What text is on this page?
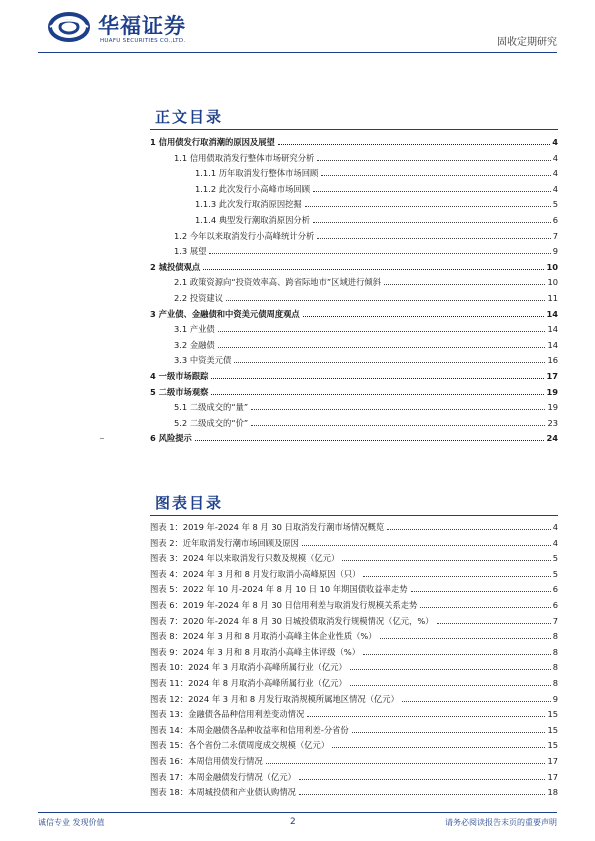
华福证券
HUAFU SECURITIES CO.,LTD.	固收定期研究
正文目录
1 信用债发行取消潮的原因及展望	4
1.1 信用债取消发行整体市场研究分析	4
1.1.1 历年取消发行整体市场回顾	4
1.1.2 此次发行小高峰市场回顾	4
1.1.3 此次发行取消原因挖掘	5
1.1.4 典型发行潮取消原因分析	6
1.2 今年以来取消发行小高峰统计分析	7
1.3 展望	9
2 城投债观点	10
2.1 政策资源向“投资效率高、跨省际地市”区域进行倾斜	10
2.2 投资建议	11
3 产业债、金融债和中资美元债周度观点	14
3.1 产业债	14
3.2 金融债	14
3.3 中资美元债	16
4 一级市场跟踪	17
5 二级市场观察	19
5.1 二级成交的“量”	19
5.2 二级成交的“价”	23
6 风险提示	24
图表目录
图表 1：2019 年-2024 年 8 月 30 日取消发行潮市场情况概览	4
图表 2：近年取消发行潮市场回顾及原因	4
图表 3：2024 年以来取消发行只数及规模（亿元）	5
图表 4：2024 年 3 月和 8 月发行取消小高峰原因（只）	5
图表 5：2022 年 10 月-2024 年 8 月 10 日 10 年期国债收益率走势	6
图表 6：2019 年-2024 年 8 月 30 日信用利差与取消发行规模关系走势	6
图表 7：2020 年-2024 年 8 月 30 日城投债取消发行规模情况（亿元，%）	7
图表 8：2024 年 3 月和 8 月取消小高峰主体企业性质（%）	8
图表 9：2024 年 3 月和 8 月取消小高峰主体评级（%）	8
图表 10：2024 年 3 月取消小高峰所属行业（亿元）	8
图表 11：2024 年 8 月取消小高峰所属行业（亿元）	8
图表 12：2024 年 3 月和 8 月发行取消规模所属地区情况（亿元）	9
图表 13：金融债各品种信用利差变动情况	15
图表 14：本周金融债各品种收益率和信用利差-分省份	15
图表 15：各个省份二永债周度成交规模（亿元）	15
图表 16：本周信用债发行情况	17
图表 17：本周金融债发行情况（亿元）	17
图表 18：本周城投债和产业债认购情况	18
诚信专业 发现价值	2	请务必阅读报告末页的重要声明
